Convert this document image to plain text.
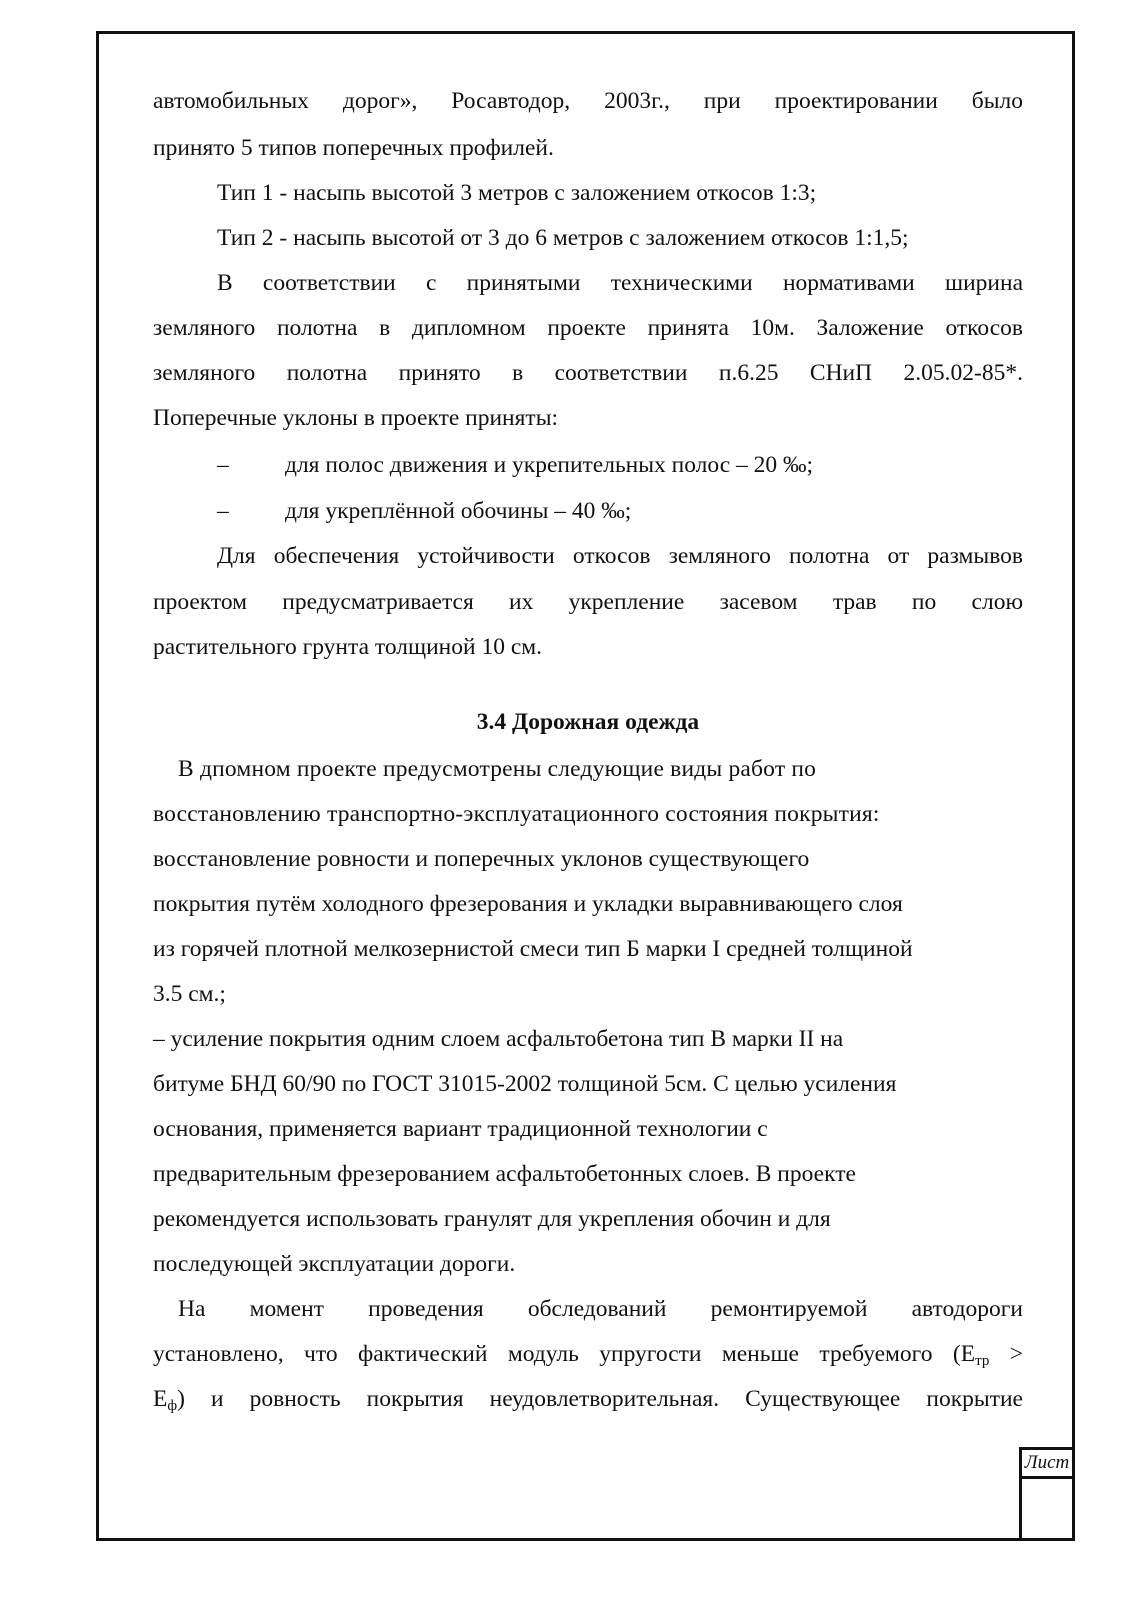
Лист
автомобильных дорог», Росавтодор, 2003г., при проектировании было
принято 5 типов поперечных профилей.
Тип 1 - насыпь высотой 3 метров с заложением откосов 1:3;
Тип 2 - насыпь высотой от 3 до 6 метров с заложением откосов 1:1,5;
В соответствии с принятыми техническими нормативами ширина
земляного полотна в дипломном проекте принята 10м. Заложение откосов
земляного полотна принято в соответствии п.6.25 СНиП 2.05.02-85*.
Поперечные уклоны в проекте приняты:
– для полос движения и укрепительных полос – 20 ‰;
– для укреплённой обочины – 40 ‰;
Для обеспечения устойчивости откосов земляного полотна от размывов
проектом предусматривается их укрепление засевом трав по слою
растительного грунта толщиной 10 см.
3.4 Дорожная одежда
В дпомном проекте предусмотрены следующие виды работ по
восстановлению транспортно-эксплуатационного состояния покрытия:
восстановление ровности и поперечных уклонов существующего
покрытия путём холодного фрезерования и укладки выравнивающего слоя
из горячей плотной мелкозернистой смеси тип Б марки I средней толщиной
3.5 см.;
– усиление покрытия одним слоем асфальтобетона тип В марки II на
битуме БНД 60/90 по ГОСТ 31015-2002 толщиной 5см. С целью усиления
основания, применяется вариант традиционной технологии с
предварительным фрезерованием асфальтобетонных слоев. В проекте
рекомендуется использовать гранулят для укрепления обочин и для
последующей эксплуатации дороги.
На момент проведения обследований ремонтируемой автодороги
установлено, что фактический модуль упругости меньше требуемого ($Е_{тр}$ >
$Е_ф$) и ровность покрытия неудовлетворительная. Существующее покрытие
